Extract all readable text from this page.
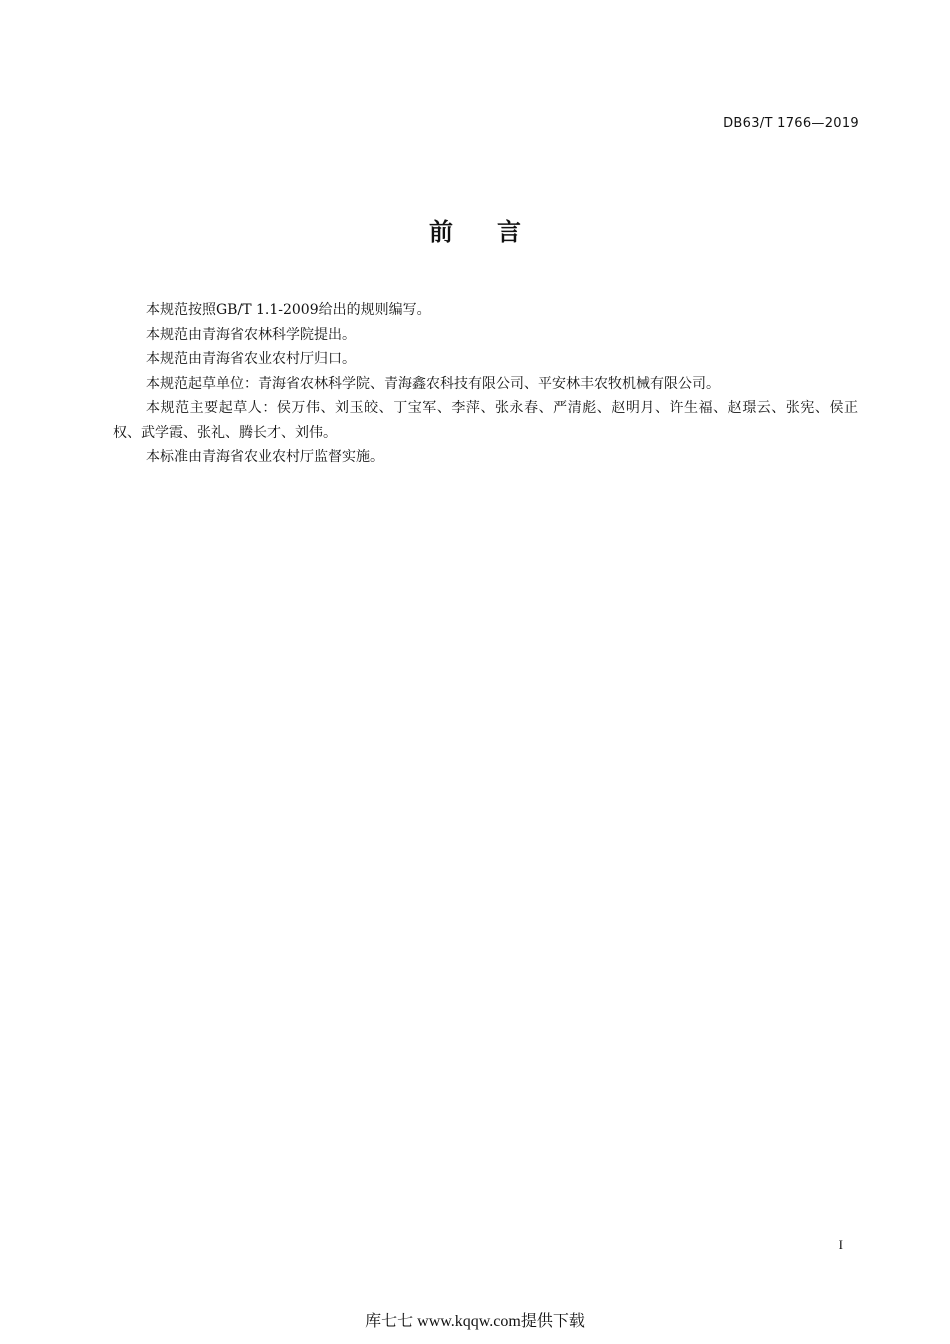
DB63/T 1766—2019
前言

本规范按照GB/T 1.1-2009给出的规则编写。

本规范由青海省农林科学院提出。

本规范由青海省农业农村厅归口。

本规范起草单位：青海省农林科学院、青海鑫农科技有限公司、平安林丰农牧机械有限公司。

本规范主要起草人：侯万伟、刘玉皎、丁宝军、李萍、张永春、严清彪、赵明月、许生福、赵璟云、张宪、侯正权、武学霞、张礼、腾长才、刘伟。

本标准由青海省农业农村厅监督实施。

I
库七七 www.kqqw.com提供下载
